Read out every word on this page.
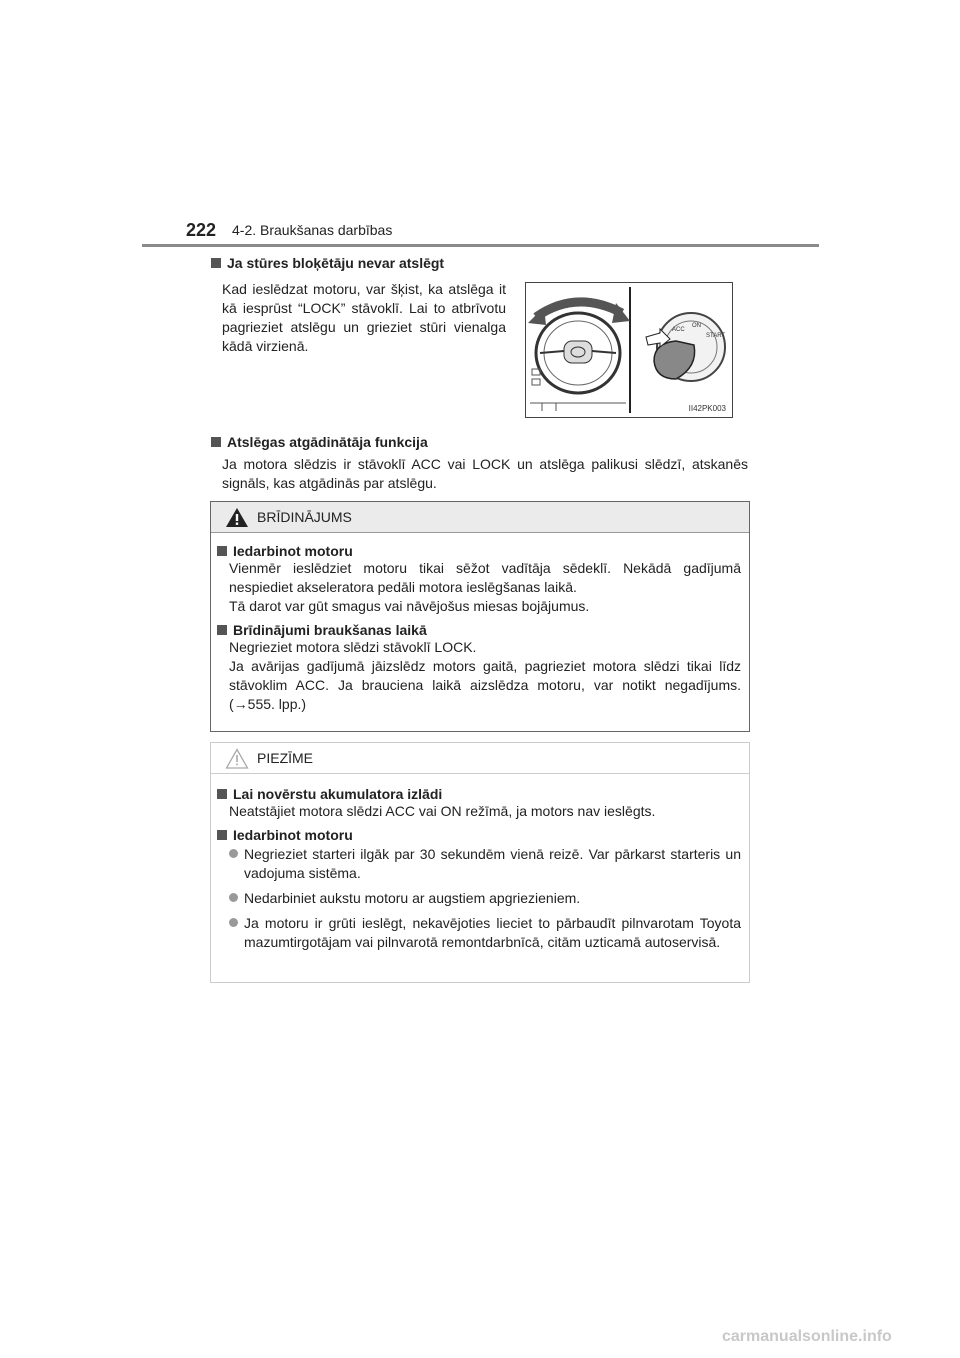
222 4-2. Braukšanas darbības
Ja stūres bloķētāju nevar atslēgt
Kad ieslēdzat motoru, var šķist, ka atslēga it kā iesprūst “LOCK” stāvoklī. Lai to atbrīvotu pagrieziet atslēgu un grieziet stūri vienalga kādā virzienā.
ACC
ON
START
II42PK003
Atslēgas atgādinātāja funkcija
Ja motora slēdzis ir stāvoklī ACC vai LOCK un atslēga palikusi slēdzī, atskanēs signāls, kas atgādinās par atslēgu.
BRĪDINĀJUMS
Iedarbinot motoru
Vienmēr ieslēdziet motoru tikai sēžot vadītāja sēdeklī. Nekādā gadījumā nespiediet akseleratora pedāli motora ieslēgšanas laikā.
Tā darot var gūt smagus vai nāvējošus miesas bojājumus.
Brīdinājumi braukšanas laikā
Negrieziet motora slēdzi stāvoklī LOCK.
Ja avārijas gadījumā jāizslēdz motors gaitā, pagrieziet motora slēdzi tikai līdz stāvoklim ACC. Ja brauciena laikā aizslēdza motoru, var notikt negadījums. (→555. lpp.)
PIEZĪME
Lai novērstu akumulatora izlādi
Neatstājiet motora slēdzi ACC vai ON režīmā, ja motors nav ieslēgts.
Iedarbinot motoru
Negrieziet starteri ilgāk par 30 sekundēm vienā reizē. Var pārkarst starteris un vadojuma sistēma.
Nedarbiniet aukstu motoru ar augstiem apgriezieniem.
Ja motoru ir grūti ieslēgt, nekavējoties lieciet to pārbaudīt pilnvarotam Toyota mazumtirgotājam vai pilnvarotā remontdarbnīcā, citām uzticamā autoservisā.
carmanualsonline.info
